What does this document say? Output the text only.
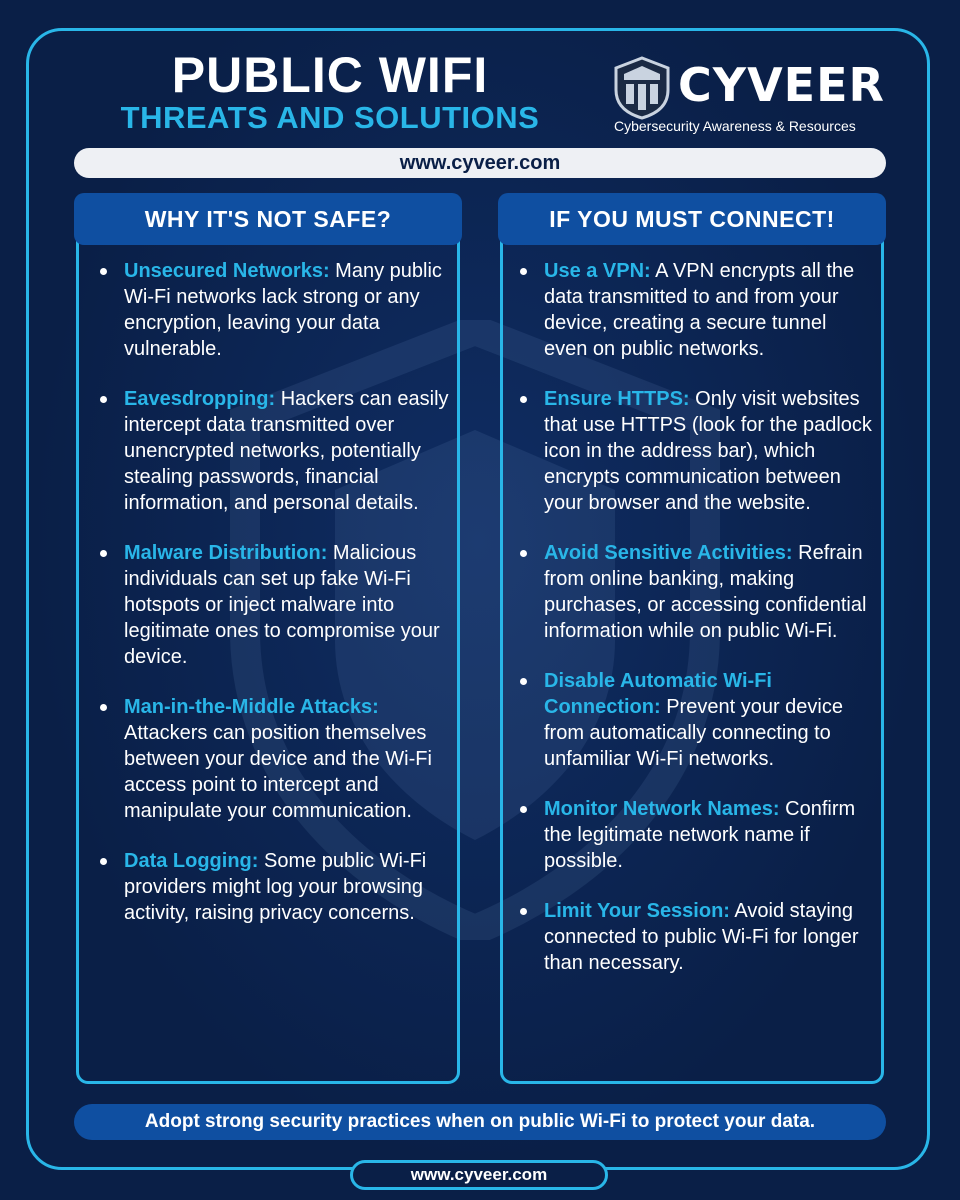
PUBLIC WIFI
THREATS AND SOLUTIONS
CYVEER
Cybersecurity Awareness & Resources
www.cyveer.com
WHY IT'S NOT SAFE?
Unsecured Networks: Many public Wi-Fi networks lack strong or any encryption, leaving your data vulnerable.
Eavesdropping: Hackers can easily intercept data transmitted over unencrypted networks, potentially stealing passwords, financial information, and personal details.
Malware Distribution: Malicious individuals can set up fake Wi-Fi hotspots or inject malware into legitimate ones to compromise your device.
Man-in-the-Middle Attacks: Attackers can position themselves between your device and the Wi-Fi access point to intercept and manipulate your communication.
Data Logging: Some public Wi-Fi providers might log your browsing activity, raising privacy concerns.
IF YOU MUST CONNECT!
Use a VPN: A VPN encrypts all the data transmitted to and from your device, creating a secure tunnel even on public networks.
Ensure HTTPS: Only visit websites that use HTTPS (look for the padlock icon in the address bar), which encrypts communication between your browser and the website.
Avoid Sensitive Activities: Refrain from online banking, making purchases, or accessing confidential information while on public Wi-Fi.
Disable Automatic Wi-Fi Connection: Prevent your device from automatically connecting to unfamiliar Wi-Fi networks.
Monitor Network Names: Confirm the legitimate network name if possible.
Limit Your Session: Avoid staying connected to public Wi-Fi for longer than necessary.
Adopt strong security practices when on public Wi-Fi to protect your data.
www.cyveer.com
